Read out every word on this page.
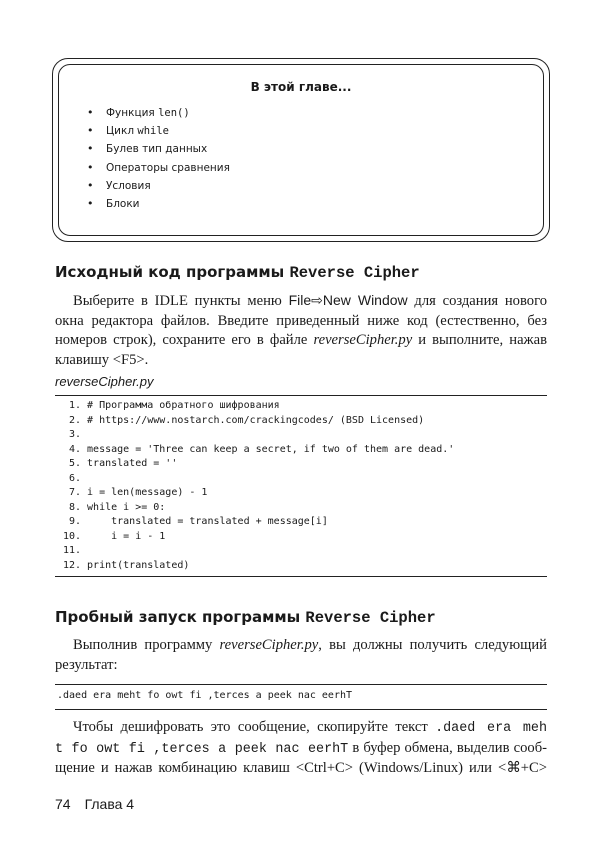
В этой главе...
• Функция len()
• Цикл while
• Булев тип данных
• Операторы сравнения
• Условия
• Блоки
Исходный код программы Reverse Cipher
Выберите в IDLE пункты меню File⇨New Window для создания нового
окна редактора файлов. Введите приведенный ниже код (естественно, без
номеров строк), сохраните его в файле reverseCipher.py и выполните, нажав
клавишу <F5>.
reverseCipher.py
1. # Программа обратного шифрования
2. # https://www.nostarch.com/crackingcodes/ (BSD Licensed)
3.
4. message = 'Three can keep a secret, if two of them are dead.'
5. translated = ''
6.
7. i = len(message) - 1
8. while i >= 0:
9.     translated = translated + message[i]
10.     i = i - 1
11.
12. print(translated)
Пробный запуск программы Reverse Cipher
Выполнив программу reverseCipher.py, вы должны получить следующий
результат:
.daed era meht fo owt fi ,terces a peek nac eerhT
Чтобы дешифровать это сообщение, скопируйте текст .daed era meh
t fo owt fi ,terces a peek nac eerhT в буфер обмена, выделив сооб-
щение и нажав комбинацию клавиш <Ctrl+C> (Windows/Linux) или <⌘+C>
74 Глава 4
